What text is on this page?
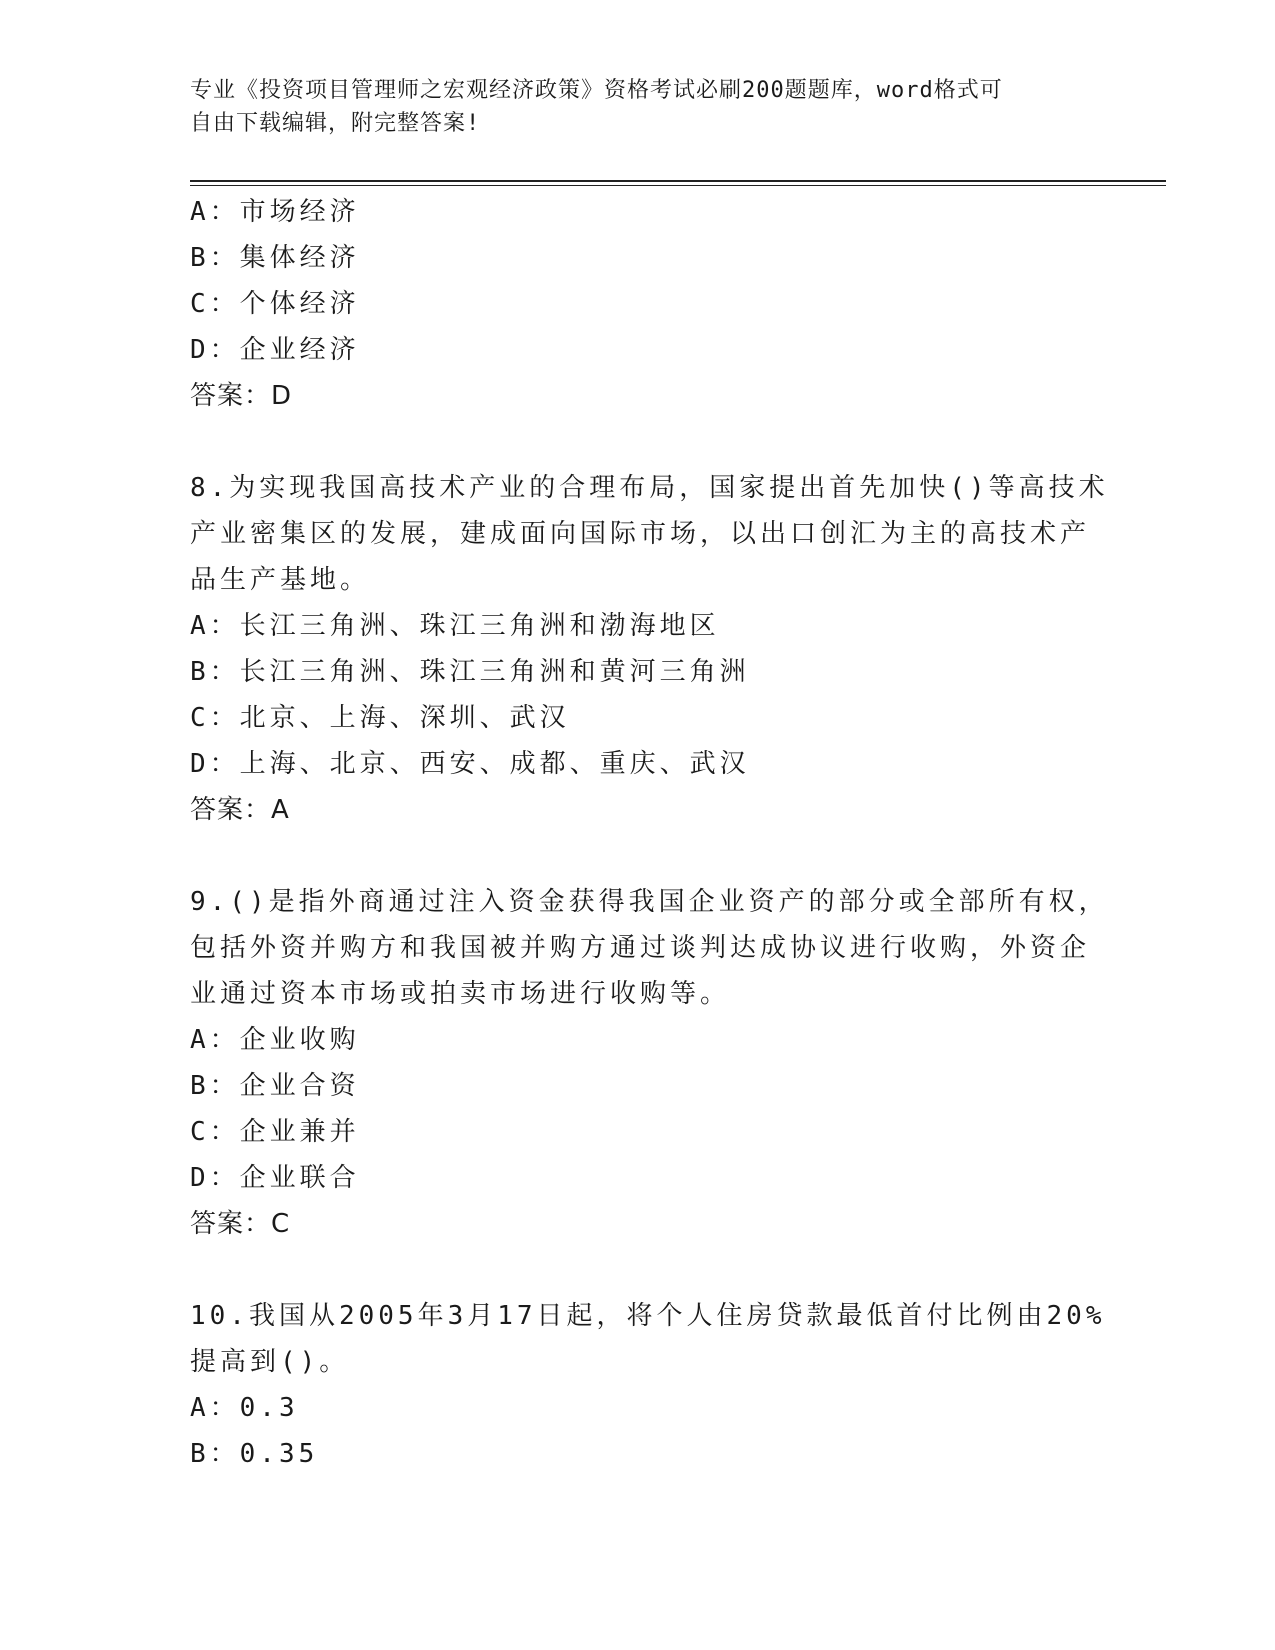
专业《投资项目管理师之宏观经济政策》资格考试必刷200题题库，word格式可
自由下载编辑，附完整答案!
A：市场经济
B：集体经济
C：个体经济
D：企业经济
答案：D
8.为实现我国高技术产业的合理布局，国家提出首先加快()等高技术
产业密集区的发展，建成面向国际市场，以出口创汇为主的高技术产
品生产基地。
A：长江三角洲、珠江三角洲和渤海地区
B：长江三角洲、珠江三角洲和黄河三角洲
C：北京、上海、深圳、武汉
D：上海、北京、西安、成都、重庆、武汉
答案：A
9.()是指外商通过注入资金获得我国企业资产的部分或全部所有权，
包括外资并购方和我国被并购方通过谈判达成协议进行收购，外资企
业通过资本市场或拍卖市场进行收购等。
A：企业收购
B：企业合资
C：企业兼并
D：企业联合
答案：C
10.我国从2005年3月17日起，将个人住房贷款最低首付比例由20%
提高到()。
A：0.3
B：0.35
